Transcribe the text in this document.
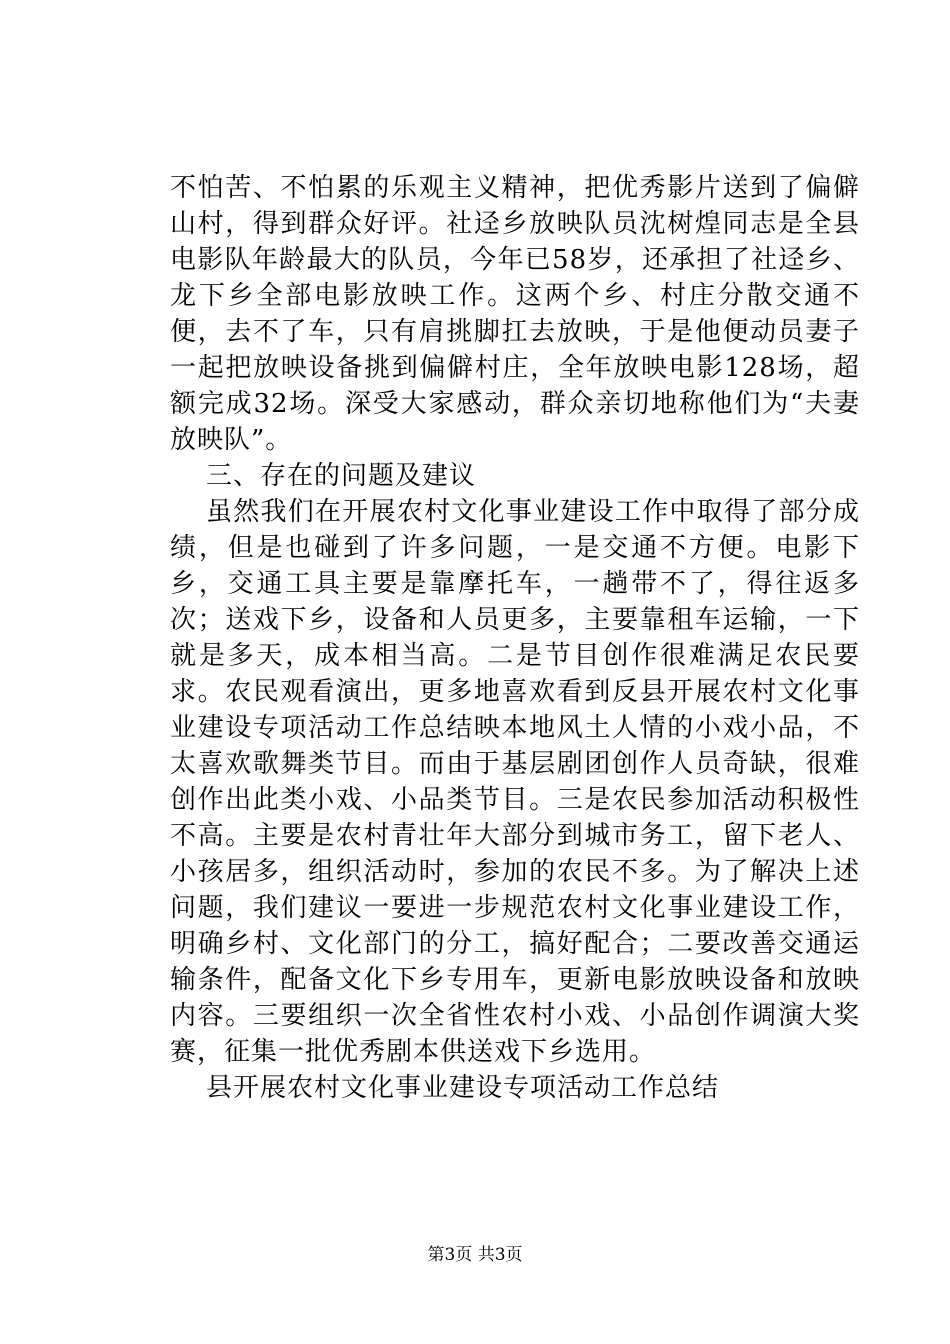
不怕苦、不怕累的乐观主义精神，把优秀影片送到了偏僻山村，得到群众好评。社迳乡放映队员沈树煌同志是全县电影队年龄最大的队员，今年已58岁，还承担了社迳乡、龙下乡全部电影放映工作。这两个乡、村庄分散交通不便，去不了车，只有肩挑脚扛去放映，于是他便动员妻子一起把放映设备挑到偏僻村庄，全年放映电影128场，超额完成32场。深受大家感动，群众亲切地称他们为“夫妻放映队”。

三、存在的问题及建议

虽然我们在开展农村文化事业建设工作中取得了部分成绩，但是也碰到了许多问题，一是交通不方便。电影下乡，交通工具主要是靠摩托车，一趟带不了，得往返多次；送戏下乡，设备和人员更多，主要靠租车运输，一下就是多天，成本相当高。二是节目创作很难满足农民要求。农民观看演出，更多地喜欢看到反县开展农村文化事业建设专项活动工作总结映本地风土人情的小戏小品，不太喜欢歌舞类节目。而由于基层剧团创作人员奇缺，很难创作出此类小戏、小品类节目。三是农民参加活动积极性不高。主要是农村青壮年大部分到城市务工，留下老人、小孩居多，组织活动时，参加的农民不多。为了解决上述问题，我们建议一要进一步规范农村文化事业建设工作，明确乡村、文化部门的分工，搞好配合；二要改善交通运输条件，配备文化下乡专用车，更新电影放映设备和放映内容。三要组织一次全省性农村小戏、小品创作调演大奖赛，征集一批优秀剧本供送戏下乡选用。

县开展农村文化事业建设专项活动工作总结

第3页 共3页
